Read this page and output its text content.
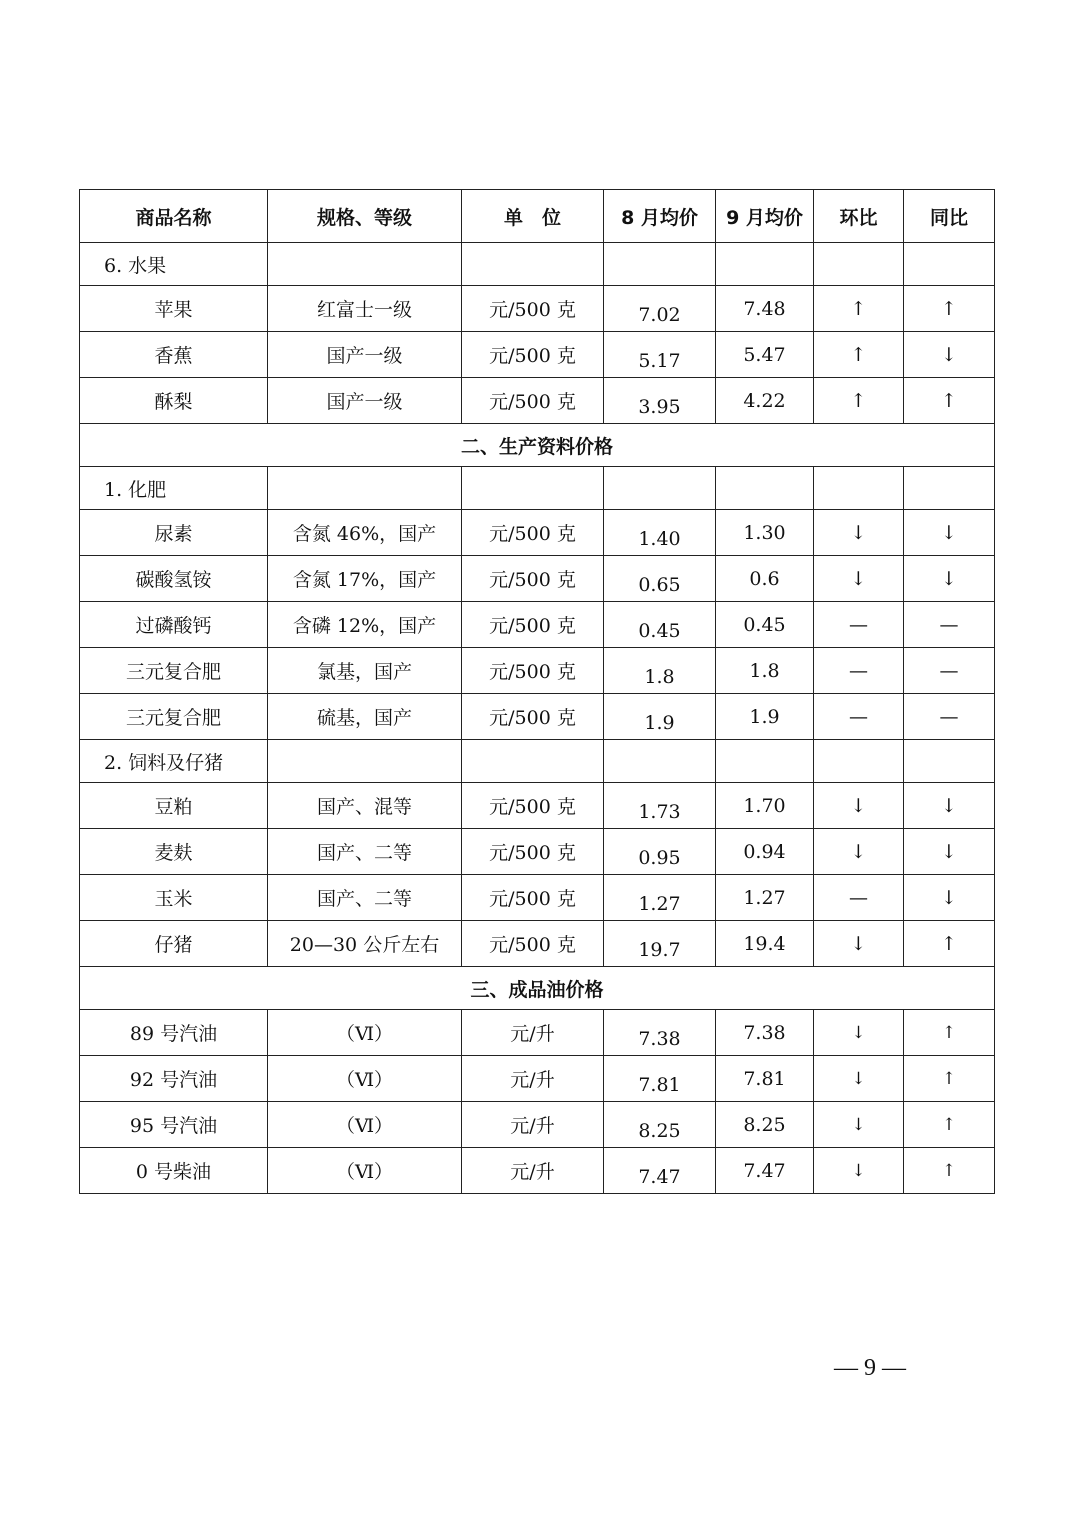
商品名称	规格、等级	单　位	8 月均价	9 月均价	环比	同比
6. 水果						
苹果	红富士一级	元/500 克	7.02	7.48	↑	↑
香蕉	国产一级	元/500 克	5.17	5.47	↑	↓
酥梨	国产一级	元/500 克	3.95	4.22	↑	↑
二、生产资料价格						
1. 化肥						
尿素	含氮 46%，国产	元/500 克	1.40	1.30	↓	↓
碳酸氢铵	含氮 17%，国产	元/500 克	0.65	0.6	↓	↓
过磷酸钙	含磷 12%，国产	元/500 克	0.45	0.45	—	—
三元复合肥	氯基，国产	元/500 克	1.8	1.8	—	—
三元复合肥	硫基，国产	元/500 克	1.9	1.9	—	—
2. 饲料及仔猪						
豆粕	国产、混等	元/500 克	1.73	1.70	↓	↓
麦麸	国产、二等	元/500 克	0.95	0.94	↓	↓
玉米	国产、二等	元/500 克	1.27	1.27	—	↓
仔猪	20—30 公斤左右	元/500 克	19.7	19.4	↓	↑
三、成品油价格						
89 号汽油	（Ⅵ）	元/升	7.38	7.38	↓	↑
92 号汽油	（Ⅵ）	元/升	7.81	7.81	↓	↑
95 号汽油	（Ⅵ）	元/升	8.25	8.25	↓	↑
0 号柴油	（Ⅵ）	元/升	7.47	7.47	↓	↑
— 9 —
